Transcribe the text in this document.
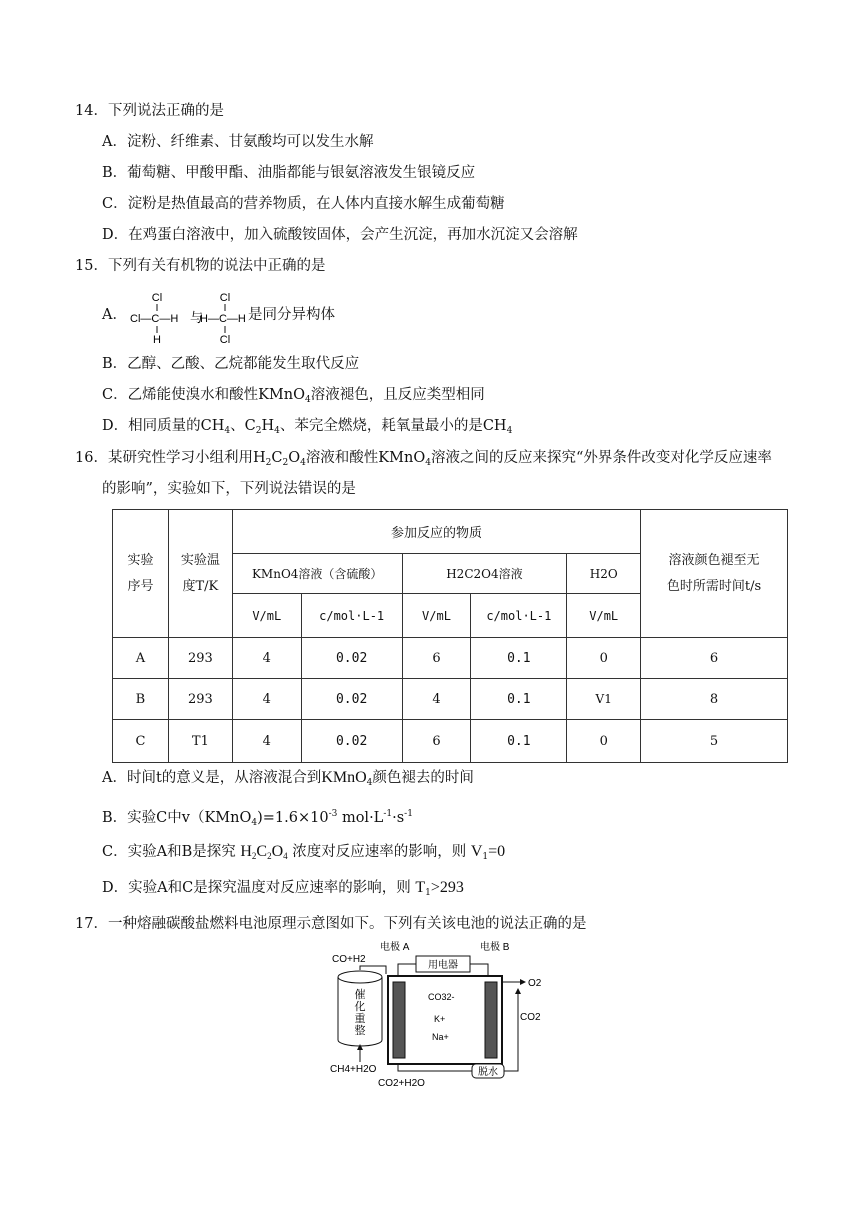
14．下列说法正确的是
A．淀粉、纤维素、甘氨酸均可以发生水解
B．葡萄糖、甲酸甲酯、油脂都能与银氨溶液发生银镜反应
C．淀粉是热值最高的营养物质，在人体内直接水解生成葡萄糖
D．在鸡蛋白溶液中，加入硫酸铵固体，会产生沉淀，再加水沉淀又会溶解
15．下列有关有机物的说法中正确的是
A．
Cl
Cl—C—H
H
与
Cl
H—C—H
Cl
是同分异构体
B．乙醇、乙酸、乙烷都能发生取代反应
C．乙烯能使溴水和酸性KMnO$_4$溶液褪色，且反应类型相同
D．相同质量的$CH_4$、$C_2H_4$、苯完全燃烧，耗氧量最小的是$CH_4$
16．某研究性学习小组利用$H_2C_2O_4$溶液和酸性KMnO$_4$溶液之间的反应来探究“外界条件改变对化学反应速率
的影响”，实验如下，下列说法错误的是
实验序号	实验温度T/K	参加反应的物质					溶液颜色褪至无色时所需时间t/s

		KMnO4溶液（含硫酸）		H2C2O4溶液		H2O	
		V/mL	c/mol·L-1	V/mL	c/mol·L-1	V/mL	
A	293	4	0.02	6	0.1	0	6
B	293	4	0.02	4	0.1	V1	8
C	T1	4	0.02	6	0.1	0	5
A．时间t的意义是，从溶液混合到KMnO$_4$颜色褪去的时间
B．实验C中$v(KMnO_4)=1.6\times 10^{-3}$ $mol\cdot L^{-1}\cdot s^{-1}$
C．实验A和B是探究 $H_2C_2O_4$ 浓度对反应速率的影响，则 $V_1=0$
D．实验A和C是探究温度对反应速率的影响，则 $T_1>293$
17．一种熔融碳酸盐燃料电池原理示意图如下。下列有关该电池的说法正确的是
催化重整
CO+H2
CH4+H2O
电极 A	电极 B
用电器
CO32-
K+
Na+
O2
CO2
脱水
CO2+H2O
